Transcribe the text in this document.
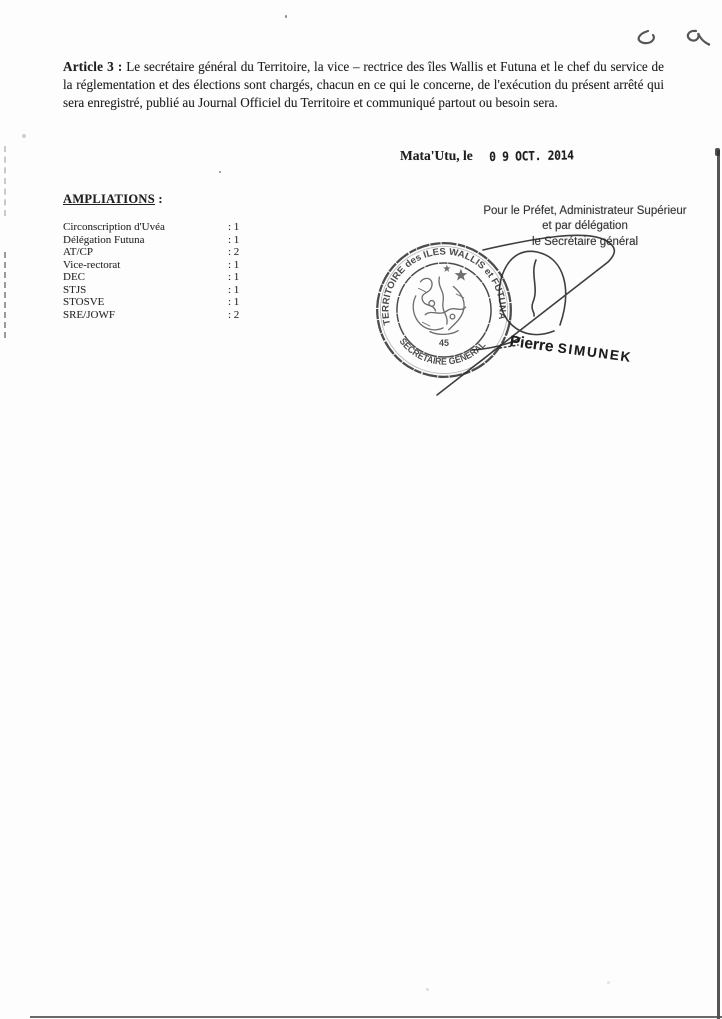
Article 3 : Le secrétaire général du Territoire, la vice – rectrice des îles Wallis et Futuna et le chef du service de la réglementation et des élections sont chargés, chacun en ce qui le concerne, de l'exécution du présent arrêté qui sera enregistré, publié au Journal Officiel du Territoire et communiqué partout ou besoin sera.

Mata'Utu, le 0 9 OCT. 2014
AMPLIATIONS :
Circonscription d'Uvéa	: 1
Délégation Futuna	: 1
AT/CP	: 2
Vice-rectorat	: 1
DEC	: 1
STJS	: 1
STOSVE	: 1
SRE/JOWF	: 2
Pour le Préfet, Administrateur Supérieur
et par délégation
le Secrétaire général
TERRITOIRE des ILES WALLIS et FUTUNA
SECRETAIRE GENERAL
45	Pierre SIMUNEK
